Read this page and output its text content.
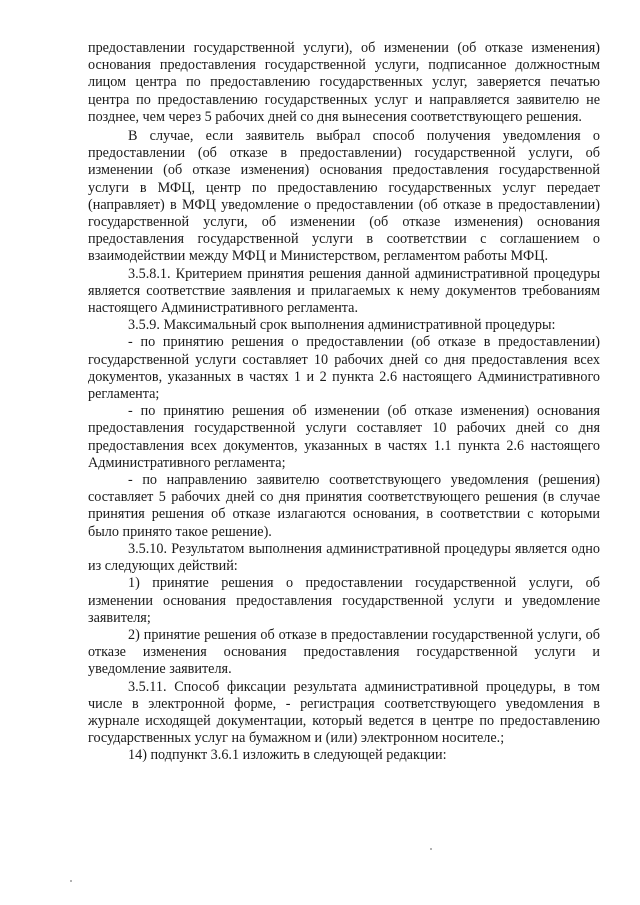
предоставлении государственной услуги), об изменении (об отказе изменения) основания предоставления государственной услуги, подписанное должностным лицом центра по предоставлению государственных услуг, заверяется печатью центра по предоставлению государственных услуг и направляется заявителю не позднее, чем через 5 рабочих дней со дня вынесения соответствующего решения.

В случае, если заявитель выбрал способ получения уведомления о предоставлении (об отказе в предоставлении) государственной услуги, об изменении (об отказе изменения) основания предоставления государственной услуги в МФЦ, центр по предоставлению государственных услуг передает (направляет) в МФЦ уведомление о предоставлении (об отказе в предоставлении) государственной услуги, об изменении (об отказе изменения) основания предоставления государственной услуги в соответствии с соглашением о взаимодействии между МФЦ и Министерством, регламентом работы МФЦ.

3.5.8.1. Критерием принятия решения данной административной процедуры является соответствие заявления и прилагаемых к нему документов требованиям настоящего Административного регламента.

3.5.9. Максимальный срок выполнения административной процедуры:

- по принятию решения о предоставлении (об отказе в предоставлении) государственной услуги составляет 10 рабочих дней со дня предоставления всех документов, указанных в частях 1 и 2 пункта 2.6 настоящего Административного регламента;

- по принятию решения об изменении (об отказе изменения) основания предоставления государственной услуги составляет 10 рабочих дней со дня предоставления всех документов, указанных в частях 1.1 пункта 2.6 настоящего Административного регламента;

- по направлению заявителю соответствующего уведомления (решения) составляет 5 рабочих дней со дня принятия соответствующего решения (в случае принятия решения об отказе излагаются основания, в соответствии с которыми было принято такое решение).

3.5.10. Результатом выполнения административной процедуры является одно из следующих действий:

1) принятие решения о предоставлении государственной услуги, об изменении основания предоставления государственной услуги и уведомление заявителя;

2) принятие решения об отказе в предоставлении государственной услуги, об отказе изменения основания предоставления государственной услуги и уведомление заявителя.

3.5.11. Способ фиксации результата административной процедуры, в том числе в электронной форме, - регистрация соответствующего уведомления в журнале исходящей документации, который ведется в центре по предоставлению государственных услуг на бумажном и (или) электронном носителе.;

14) подпункт 3.6.1 изложить в следующей редакции:
